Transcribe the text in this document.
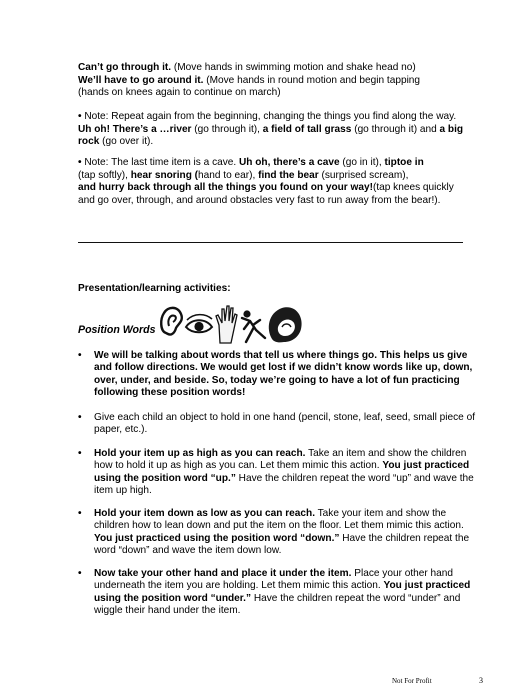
Can’t go through it. (Move hands in swimming motion and shake head no)

We’ll have to go around it. (Move hands in round motion and begin tapping

(hands on knees again to continue on march)

• Note: Repeat again from the beginning, changing the things you find along the way. Uh oh! There’s a …river (go through it), a field of tall grass (go through it) and a big rock (go over it).

• Note: The last time item is a cave. Uh oh, there’s a cave (go in it), tiptoe in
(tap softly), hear snoring (hand to ear), find the bear (surprised scream),
and hurry back through all the things you found on your way!(tap knees quickly and go over, through, and around obstacles very fast to run away from the bear!).

Presentation/learning activities:
Position Words
• We will be talking about words that tell us where things go. This helps us give and follow directions. We would get lost if we didn’t know words like up, down, over, under, and beside. So, today we’re going to have a lot of fun practicing following these position words!
• Give each child an object to hold in one hand (pencil, stone, leaf, seed, small piece of paper, etc.).
• Hold your item up as high as you can reach. Take an item and show the children how to hold it up as high as you can. Let them mimic this action. You just practiced using the position word “up.” Have the children repeat the word “up” and wave the item up high.
• Hold your item down as low as you can reach. Take your item and show the children how to lean down and put the item on the floor. Let them mimic this action. You just practiced using the position word “down.” Have the children repeat the word “down” and wave the item down low.
• Now take your other hand and place it under the item. Place your other hand underneath the item you are holding. Let them mimic this action. You just practiced using the position word “under.” Have the children repeat the word “under” and wiggle their hand under the item.
Not For Profit	3
